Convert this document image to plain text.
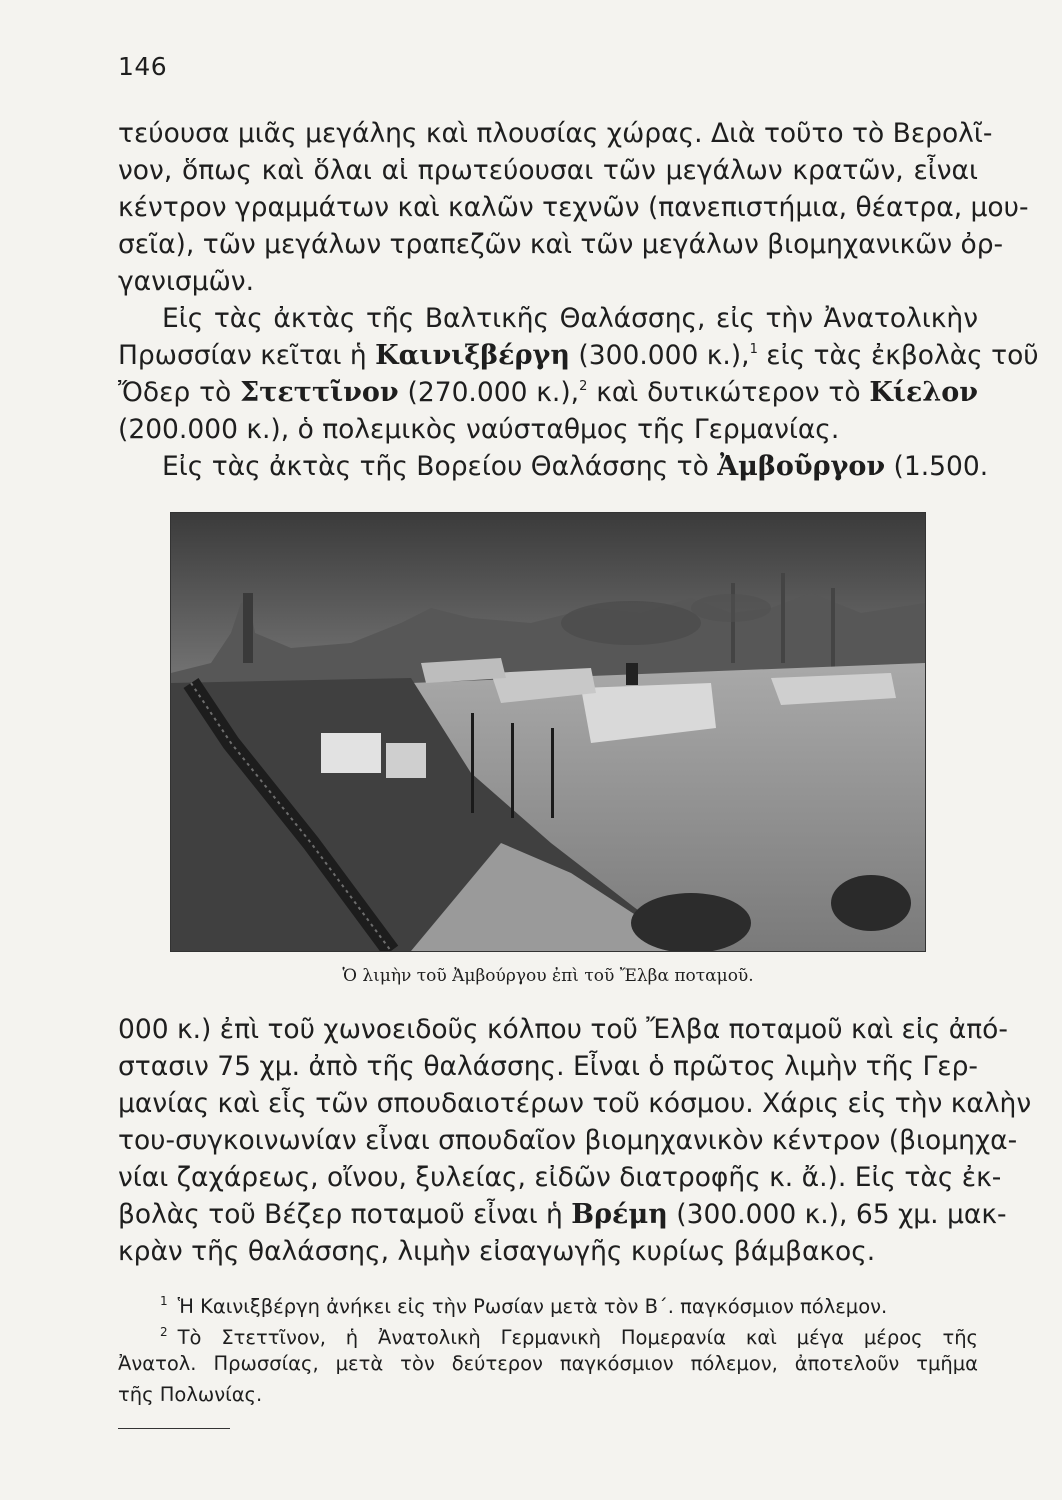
146
τεύουσα μιᾶς μεγάλης καὶ πλουσίας χώρας. Διὰ τοῦτο τὸ Βερολῖ-
νον, ὅπως καὶ ὅλαι αἱ πρωτεύουσαι τῶν μεγάλων κρατῶν, εἶναι
κέντρον γραμμάτων καὶ καλῶν τεχνῶν (πανεπιστήμια, θέατρα, μου-
σεῖα), τῶν μεγάλων τραπεζῶν καὶ τῶν μεγάλων βιομηχανικῶν ὀρ-
γανισμῶν.
Εἰς τὰς ἀκτὰς τῆς Βαλτικῆς Θαλάσσης, εἰς τὴν Ἀνατολικὴν
Πρωσσίαν κεῖται ἡ Καινιξβέργη (300.000 κ.),$^1$ εἰς τὰς ἐκβολὰς τοῦ
Ὄδερ τὸ Στεττῖνον (270.000 κ.),$^2$ καὶ δυτικώτερον τὸ Κίελον
(200.000 κ.), ὁ πολεμικὸς ναύσταθμος τῆς Γερμανίας.
Εἰς τὰς ἀκτὰς τῆς Βορείου Θαλάσσης τὸ Ἀμβοῦργον (1.500.
Ὁ λιμὴν τοῦ Ἀμβούργου ἐπὶ τοῦ Ἔλβα ποταμοῦ.
000 κ.) ἐπὶ τοῦ χωνοειδοῦς κόλπου τοῦ Ἔλβα ποταμοῦ καὶ εἰς ἀπό-
στασιν 75 χμ. ἀπὸ τῆς θαλάσσης. Εἶναι ὁ πρῶτος λιμὴν τῆς Γερ-
μανίας καὶ εἷς τῶν σπουδαιοτέρων τοῦ κόσμου. Χάρις εἰς τὴν καλὴν
του-συγκοινωνίαν εἶναι σπουδαῖον βιομηχανικὸν κέντρον (βιομηχα-
νίαι ζαχάρεως, οἴνου, ξυλείας, εἰδῶν διατροφῆς κ. ἄ.). Εἰς τὰς ἐκ-
βολὰς τοῦ Βέζερ ποταμοῦ εἶναι ἡ Βρέμη (300.000 κ.), 65 χμ. μακ-
κρὰν τῆς θαλάσσης, λιμὴν εἰσαγωγῆς κυρίως βάμβακος.
$^1$ Ἡ Καινιξβέργη ἀνήκει εἰς τὴν Ρωσίαν μετὰ τὸν Β΄. παγκόσμιον πόλεμον.
$^2$ Τὸ Στεττῖνον, ἡ Ἀνατολικὴ Γερμανικὴ Πομερανία καὶ μέγα μέρος τῆς
Ἀνατολ. Πρωσσίας, μετὰ τὸν δεύτερον παγκόσμιον πόλεμον, ἀποτελοῦν τμῆμα
τῆς Πολωνίας.
